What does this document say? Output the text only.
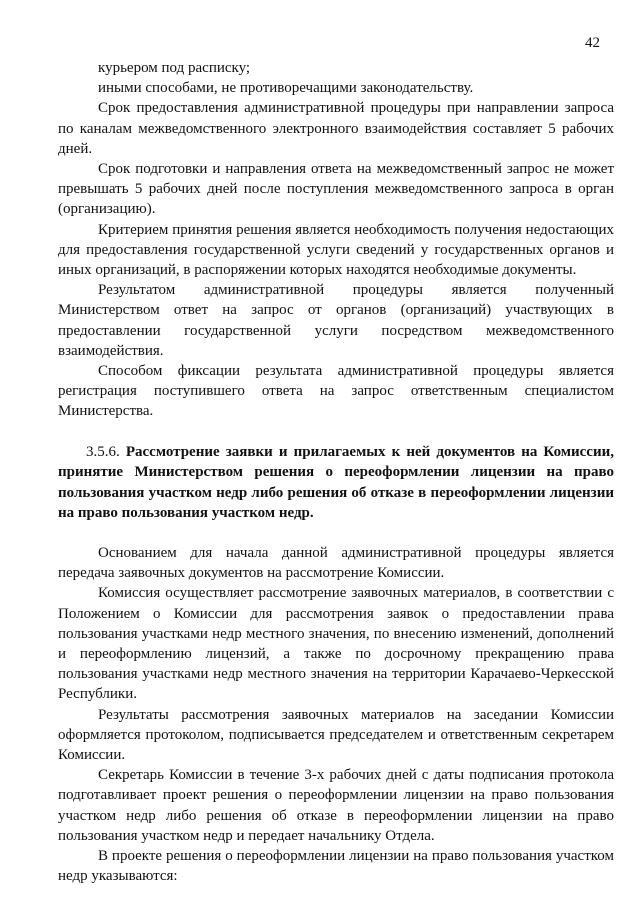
42

курьером под расписку;

иными способами, не противоречащими законодательству.

Срок предоставления административной процедуры при направлении запроса по каналам межведомственного электронного взаимодействия составляет 5 рабочих дней.

Срок подготовки и направления ответа на межведомственный запрос не может превышать 5 рабочих дней после поступления межведомственного запроса в орган (организацию).

Критерием принятия решения является необходимость получения недостающих для предоставления государственной услуги сведений у государственных органов и иных организаций, в распоряжении которых находятся необходимые документы.

Результатом административной процедуры является полученный Министерством ответ на запрос от органов (организаций) участвующих в предоставлении государственной услуги посредством межведомственного взаимодействия.

Способом фиксации результата административной процедуры является регистрация поступившего ответа на запрос ответственным специалистом Министерства.

3.5.6. Рассмотрение заявки и прилагаемых к ней документов на Комиссии, принятие Министерством решения о переоформлении лицензии на право пользования участком недр либо решения об отказе в переоформлении лицензии на право пользования участком недр.

Основанием для начала данной административной процедуры является передача заявочных документов на рассмотрение Комиссии.

Комиссия осуществляет рассмотрение заявочных материалов, в соответствии с Положением о Комиссии для рассмотрения заявок о предоставлении права пользования участками недр местного значения, по внесению изменений, дополнений и переоформлению лицензий, а также по досрочному прекращению права пользования участками недр местного значения на территории Карачаево-Черкесской Республики.

Результаты рассмотрения заявочных материалов на заседании Комиссии оформляется протоколом, подписывается председателем и ответственным секретарем Комиссии.

Секретарь Комиссии в течение 3-х рабочих дней с даты подписания протокола подготавливает проект решения о переоформлении лицензии на право пользования участком недр либо решения об отказе в переоформлении лицензии на право пользования участком недр и передает начальнику Отдела.

В проекте решения о переоформлении лицензии на право пользования участком недр указываются:
